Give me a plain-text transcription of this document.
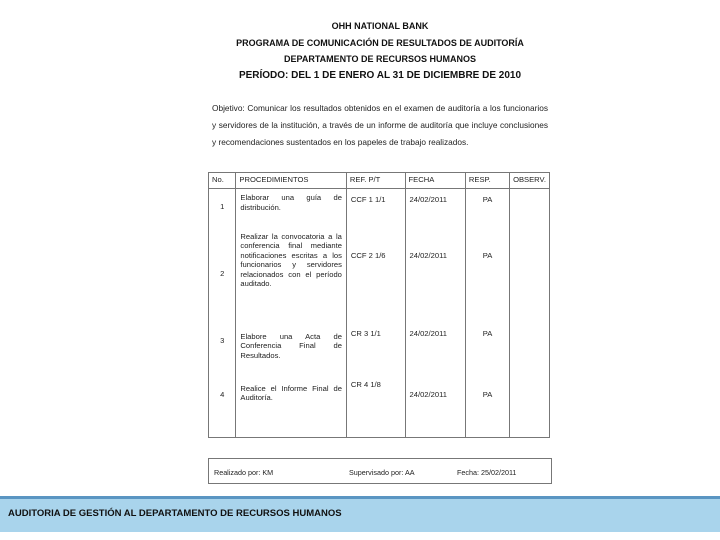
OHH NATIONAL BANK
PROGRAMA DE COMUNICACIÓN DE RESULTADOS DE AUDITORÍA
DEPARTAMENTO DE RECURSOS HUMANOS
PERÍODO: DEL 1 DE ENERO AL 31 DE DICIEMBRE DE 2010
Objetivo: Comunicar los resultados obtenidos en el examen de auditoría a los funcionarios y servidores de la institución, a través de un informe de auditoría que incluye conclusiones y recomendaciones sustentados en los papeles de trabajo realizados.
No.	PROCEDIMIENTOS	REF. P/T	FECHA	RESP.	OBSERV.

1	Elaborar una guía de distribución.	CCF 1 1/1	24/02/2011	PA	

2	Realizar la convocatoria a la conferencia final mediante notificaciones escritas a los funcionarios y servidores relacionados con el período auditado.	CCF 2 1/6	24/02/2011	PA	

3	Elabore una Acta de Conferencia Final de Resultados.	CR 3 1/1	24/02/2011	PA	

4	Realice el Informe Final de Auditoría.	CR 4 1/8	24/02/2011	PA	

Realizado por: KM	Supervisado por: AA	Fecha: 25/02/2011
AUDITORIA DE GESTIÓN AL DEPARTAMENTO DE RECURSOS HUMANOS
